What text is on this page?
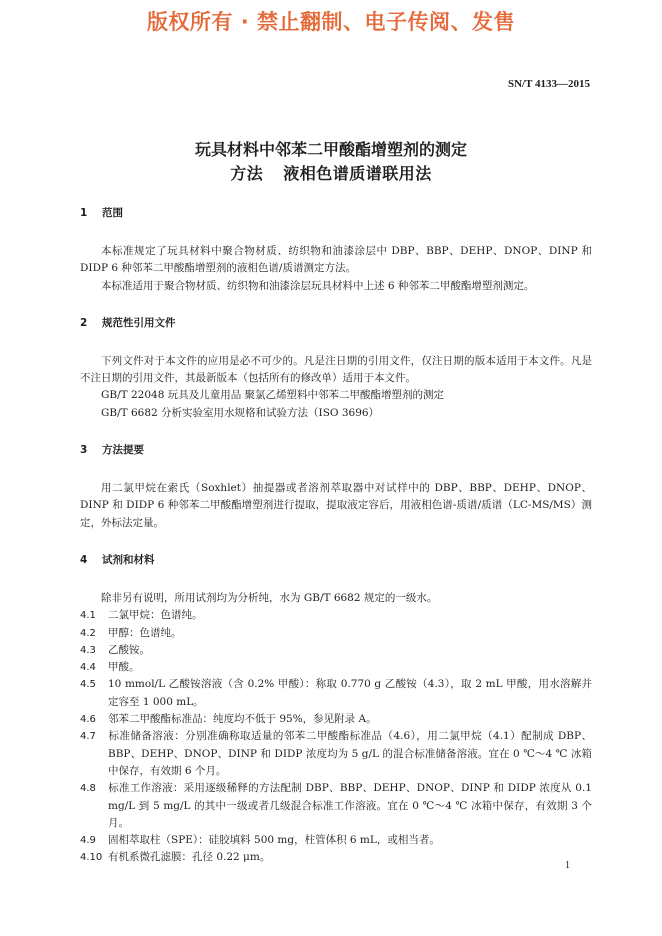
版权所有 · 禁止翻制、电子传阅、发售
SN/T 4133—2015
玩具材料中邻苯二甲酸酯增塑剂的测定
方法 液相色谱质谱联用法
1 范围
本标准规定了玩具材料中聚合物材质、纺织物和油漆涂层中 DBP、BBP、DEHP、DNOP、DINP 和 DIDP 6 种邻苯二甲酸酯增塑剂的液相色谱/质谱测定方法。
本标准适用于聚合物材质、纺织物和油漆涂层玩具材料中上述 6 种邻苯二甲酸酯增塑剂测定。
2 规范性引用文件
下列文件对于本文件的应用是必不可少的。凡是注日期的引用文件，仅注日期的版本适用于本文件。凡是不注日期的引用文件，其最新版本（包括所有的修改单）适用于本文件。
GB/T 22048 玩具及儿童用品 聚氯乙烯塑料中邻苯二甲酸酯增塑剂的测定
GB/T 6682 分析实验室用水规格和试验方法（ISO 3696）
3 方法提要
用二氯甲烷在索氏（Soxhlet）抽提器或者溶剂萃取器中对试样中的 DBP、BBP、DEHP、DNOP、DINP 和 DIDP 6 种邻苯二甲酸酯增塑剂进行提取，提取液定容后，用液相色谱-质谱/质谱（LC-MS/MS）测定，外标法定量。
4 试剂和材料
除非另有说明，所用试剂均为分析纯，水为 GB/T 6682 规定的一级水。
4.1 二氯甲烷：色谱纯。
4.2 甲醇：色谱纯。
4.3 乙酸铵。
4.4 甲酸。
4.5 10 mmol/L 乙酸铵溶液（含 0.2% 甲酸）：称取 0.770 g 乙酸铵（4.3），取 2 mL 甲酸，用水溶解并定容至 1 000 mL。
4.6 邻苯二甲酸酯标准品：纯度均不低于 95%，参见附录 A。
4.7 标准储备溶液：分别准确称取适量的邻苯二甲酸酯标准品（4.6），用二氯甲烷（4.1）配制成 DBP、BBP、DEHP、DNOP、DINP 和 DIDP 浓度均为 5 g/L 的混合标准储备溶液。宜在 0 ℃～4 ℃ 冰箱中保存，有效期 6 个月。
4.8 标准工作溶液：采用逐级稀释的方法配制 DBP、BBP、DEHP、DNOP、DINP 和 DIDP 浓度从 0.1 mg/L 到 5 mg/L 的其中一级或者几级混合标准工作溶液。宜在 0 ℃～4 ℃ 冰箱中保存，有效期 3 个月。
4.9 固相萃取柱（SPE）：硅胶填料 500 mg，柱管体积 6 mL，或相当者。
4.10 有机系微孔滤膜：孔径 0.22 μm。
1
